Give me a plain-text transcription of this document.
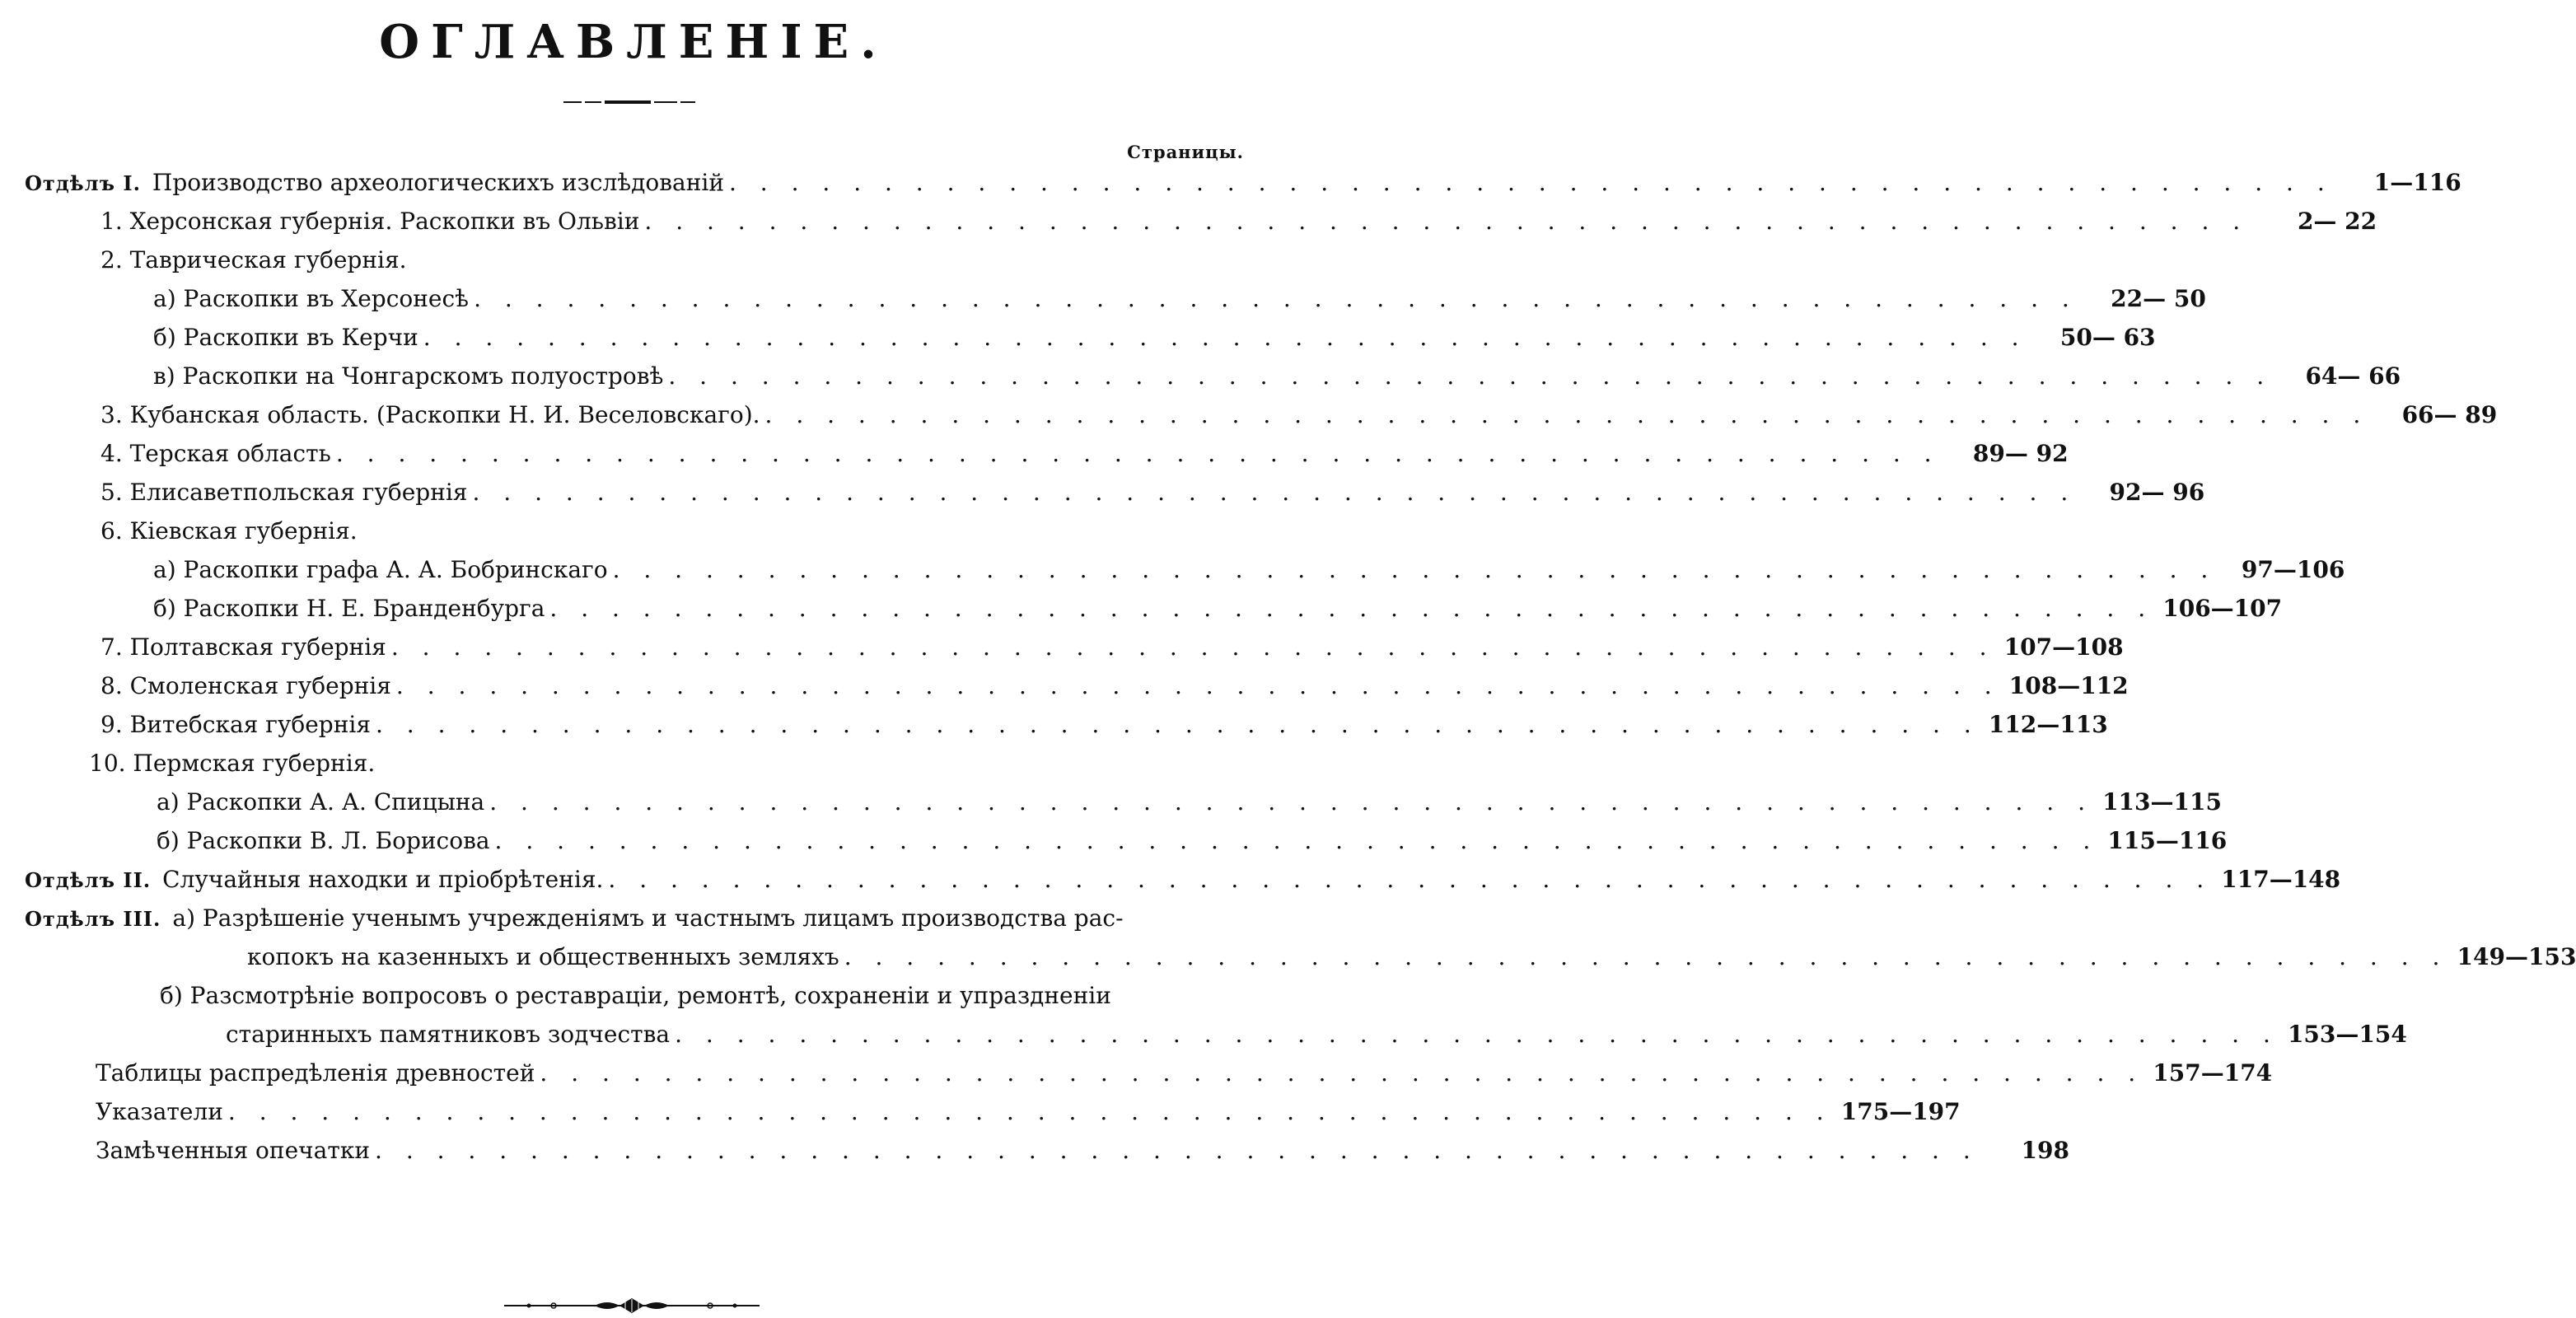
ОГЛАВЛЕНІЕ.
Страницы.
Отдѣлъ I. Производство археологическихъ изслѣдованій . . . . . . . . . . . . . . . . . . . . . . . . . . . . . . . . . . . . . . . . . . . . . . . . . . . .	1—116
1. Херсонская губернія. Раскопки въ Ольвіи . . . . . . . . . . . . . . . . . . . . . . . . . . . . . . . . . . . . . . . . . . . . . . . . . . . .	2— 22
2. Таврическая губернія.
а) Раскопки въ Херсонесѣ . . . . . . . . . . . . . . . . . . . . . . . . . . . . . . . . . . . . . . . . . . . . . . . . . . . .	22— 50
б) Раскопки въ Керчи . . . . . . . . . . . . . . . . . . . . . . . . . . . . . . . . . . . . . . . . . . . . . . . . . . . .	50— 63
в) Раскопки на Чонгарскомъ полуостровѣ . . . . . . . . . . . . . . . . . . . . . . . . . . . . . . . . . . . . . . . . . . . . . . . . . . . .	64— 66
3. Кубанская область. (Раскопки Н. И. Веселовскаго). . . . . . . . . . . . . . . . . . . . . . . . . . . . . . . . . . . . . . . . . . . . . . . . . . . . .	66— 89
4. Терская область . . . . . . . . . . . . . . . . . . . . . . . . . . . . . . . . . . . . . . . . . . . . . . . . . . . .	89— 92
5. Елисаветпольская губернія . . . . . . . . . . . . . . . . . . . . . . . . . . . . . . . . . . . . . . . . . . . . . . . . . . . .	92— 96
6. Кіевская губернія.
а) Раскопки графа А. А. Бобринскаго . . . . . . . . . . . . . . . . . . . . . . . . . . . . . . . . . . . . . . . . . . . . . . . . . . . .	97—106
б) Раскопки Н. Е. Бранденбурга . . . . . . . . . . . . . . . . . . . . . . . . . . . . . . . . . . . . . . . . . . . . . . . . . . . . 106—107
7. Полтавская губернія . . . . . . . . . . . . . . . . . . . . . . . . . . . . . . . . . . . . . . . . . . . . . . . . . . . . 107—108
8. Смоленская губернія . . . . . . . . . . . . . . . . . . . . . . . . . . . . . . . . . . . . . . . . . . . . . . . . . . . . 108—112
9. Витебская губернія . . . . . . . . . . . . . . . . . . . . . . . . . . . . . . . . . . . . . . . . . . . . . . . . . . . . 112—113
10. Пермская губернія.
а) Раскопки А. А. Спицына . . . . . . . . . . . . . . . . . . . . . . . . . . . . . . . . . . . . . . . . . . . . . . . . . . . . 113—115
б) Раскопки В. Л. Борисова . . . . . . . . . . . . . . . . . . . . . . . . . . . . . . . . . . . . . . . . . . . . . . . . . . . . 115—116
Отдѣлъ II. Случайныя находки и пріобрѣтенія. . . . . . . . . . . . . . . . . . . . . . . . . . . . . . . . . . . . . . . . . . . . . . . . . . . . . 117—148
Отдѣлъ III. а) Разрѣшеніе ученымъ учрежденіямъ и частнымъ лицамъ производства рас-
копокъ на казенныхъ и общественныхъ земляхъ . . . . . . . . . . . . . . . . . . . . . . . . . . . . . . . . . . . . . . . . . . . . . . . . . . . . 149—153
б) Разсмотрѣніе вопросовъ о реставраціи, ремонтѣ, сохраненіи и упраздненіи
старинныхъ памятниковъ зодчества . . . . . . . . . . . . . . . . . . . . . . . . . . . . . . . . . . . . . . . . . . . . . . . . . . . . 153—154
Таблицы распредѣленія древностей . . . . . . . . . . . . . . . . . . . . . . . . . . . . . . . . . . . . . . . . . . . . . . . . . . . . 157—174
Указатели . . . . . . . . . . . . . . . . . . . . . . . . . . . . . . . . . . . . . . . . . . . . . . . . . . . . 175—197
Замѣченныя опечатки . . . . . . . . . . . . . . . . . . . . . . . . . . . . . . . . . . . . . . . . . . . . . . . . . . . .	198
